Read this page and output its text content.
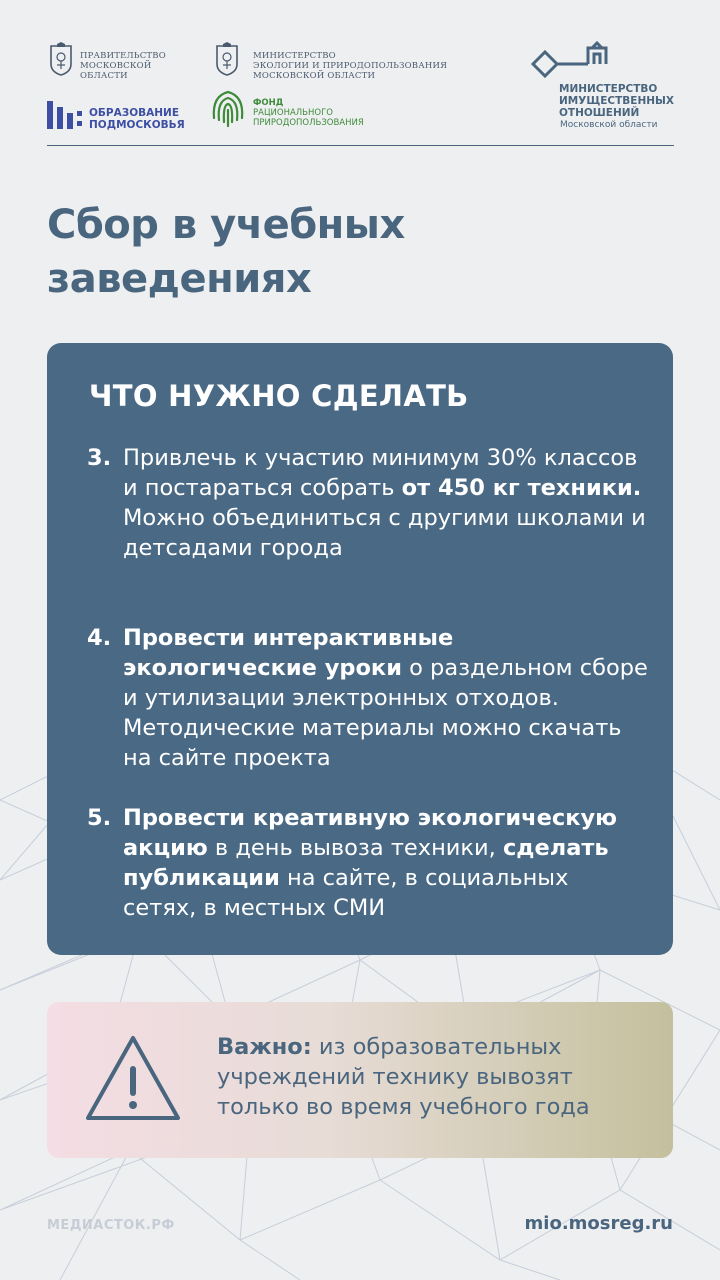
ПРАВИТЕЛЬСТВО
МОСКОВСКОЙ
ОБЛАСТИ
МИНИСТЕРСТВО
ЭКОЛОГИИ И ПРИРОДОПОЛЬЗОВАНИЯ
МОСКОВСКОЙ ОБЛАСТИ
ОБРАЗОВАНИЕ
ПОДМОСКОВЬЯ
ФОНД
РАЦИОНАЛЬНОГО
ПРИРОДОПОЛЬЗОВАНИЯ
МИНИСТЕРСТВО
ИМУЩЕСТВЕННЫХ
ОТНОШЕНИЙ
Московской области
Сбор в учебных заведениях
ЧТО НУЖНО СДЕЛАТЬ
3. Привлечь к участию минимум 30% классов и постараться собрать от 450 кг техники. Можно объединиться с другими школами и детсадами города
4. Провести интерактивные экологические уроки о раздельном сборе и утилизации электронных отходов. Методические материалы можно скачать на сайте проекта
5. Провести креативную экологическую акцию в день вывоза техники, сделать публикации на сайте, в социальных сетях, в местных СМИ
Важно: из образовательных учреждений технику вывозят только во время учебного года
МЕДИАСТОК.РФ	mio.mosreg.ru
